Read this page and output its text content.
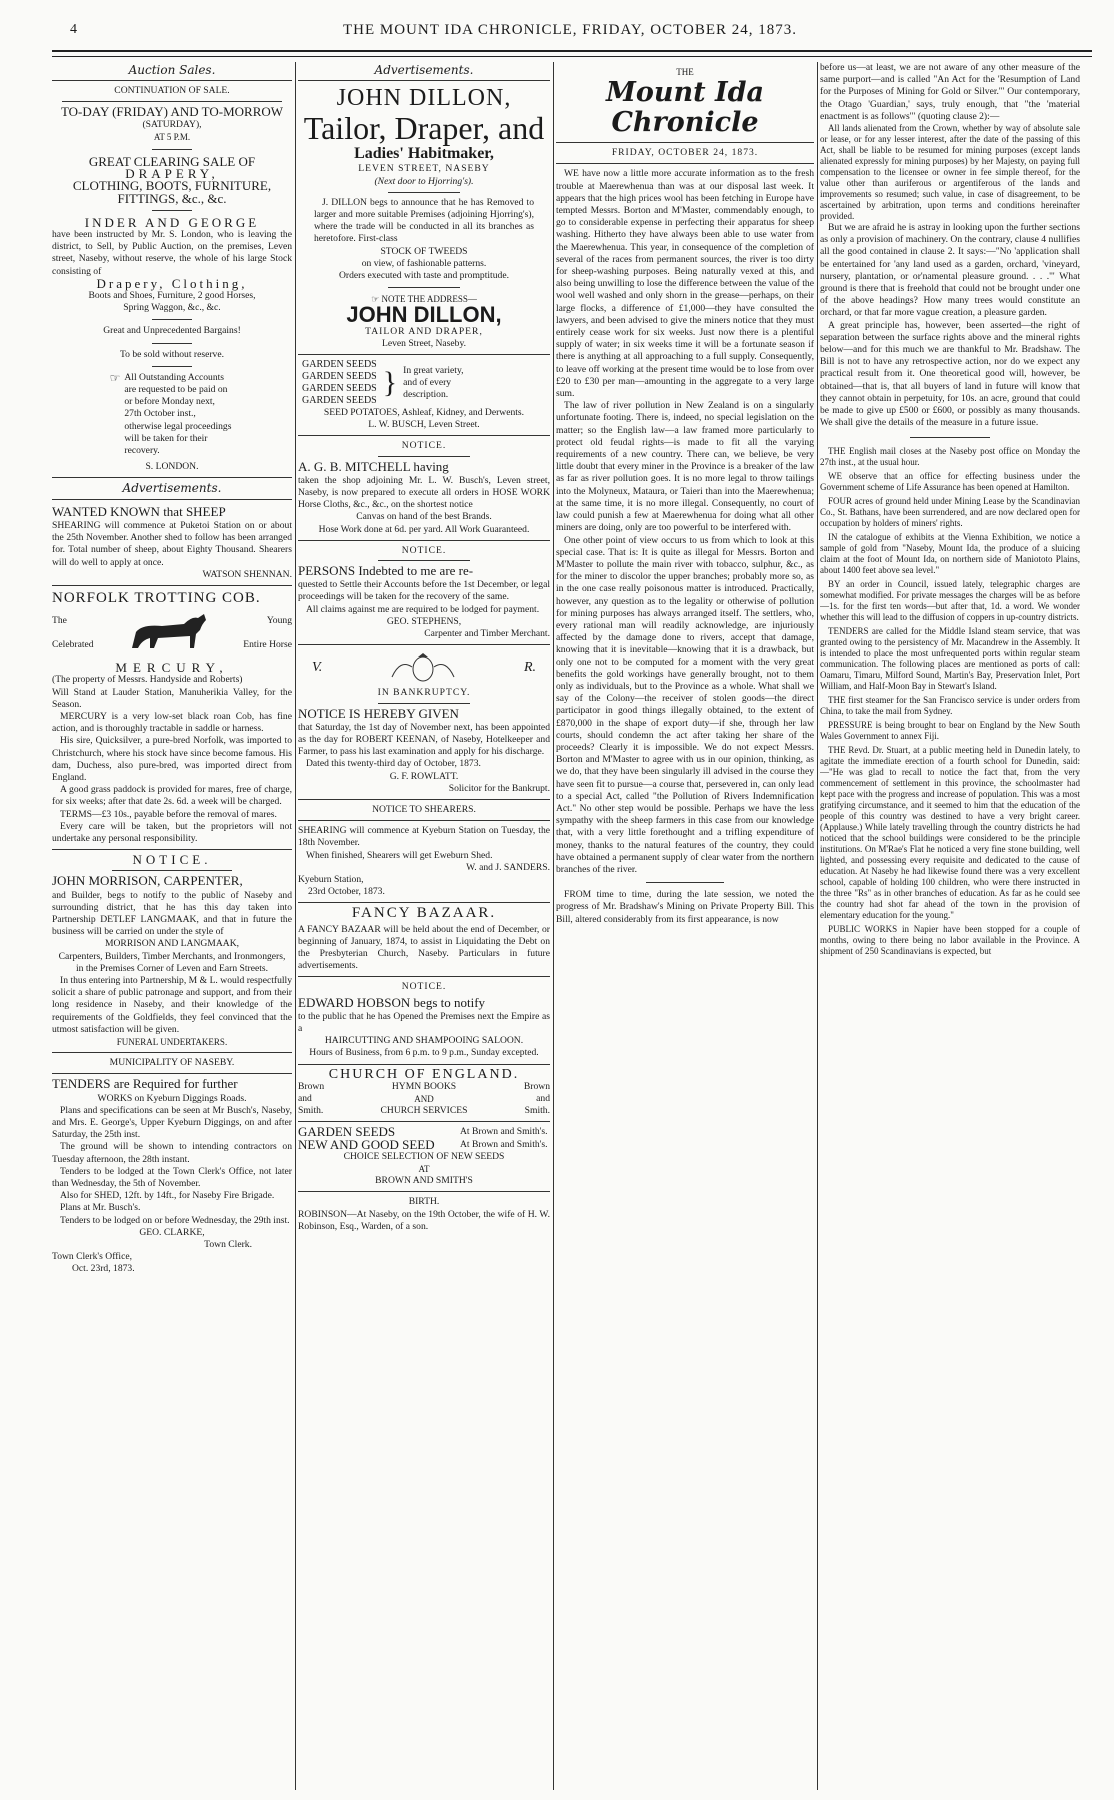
4	THE MOUNT IDA CHRONICLE, FRIDAY, OCTOBER 24, 1873.
Auction Sales.
CONTINUATION OF SALE.
TO-DAY (FRIDAY) AND TO-MORROW
(SATURDAY),
AT 5 P.M.
GREAT CLEARING SALE OF
DRAPERY,
CLOTHING, BOOTS, FURNITURE,
FITTINGS, &c., &c.
INDER AND GEORGE

have been instructed by Mr. S. London, who is leaving the district, to Sell, by Public Auction, on the premises, Leven street, Naseby, without reserve, the whole of his large Stock consisting of

Drapery, Clothing,
Boots and Shoes, Furniture, 2 good Horses,
Spring Waggon, &c., &c.
Great and Unprecedented Bargains!
To be sold without reserve.
☞ All Outstanding Accounts are requested to be paid on or before Monday next, 27th October inst., otherwise legal proceedings will be taken for their recovery.

S. LONDON.
Advertisements.
WANTED KNOWN that SHEEP

SHEARING will commence at Puketoi Station on or about the 25th November. Another shed to follow has been arranged for. Total number of sheep, about Eighty Thousand. Shearers will do well to apply at once.

WATSON SHENNAN.
NORFOLK TROTTING COB.
The
Celebrated
Young
Entire Horse
MERCURY,

(The property of Messrs. Handyside and Roberts)

Will Stand at Lauder Station, Manuherikia Valley, for the Season.

MERCURY is a very low-set black roan Cob, has fine action, and is thoroughly tractable in saddle or harness.

His sire, Quicksilver, a pure-bred Norfolk, was imported to Christchurch, where his stock have since become famous. His dam, Duchess, also pure-bred, was imported direct from England.

A good grass paddock is provided for mares, free of charge, for six weeks; after that date 2s. 6d. a week will be charged.

TERMS—£3 10s., payable before the removal of mares.

Every care will be taken, but the proprietors will not undertake any personal responsibility.

NOTICE.
JOHN MORRISON, CARPENTER,

and Builder, begs to notify to the public of Naseby and surrounding district, that he has this day taken into Partnership DETLEF LANGMAAK, and that in future the business will be carried on under the style of

MORRISON AND LANGMAAK,
Carpenters, Builders, Timber Merchants, and Ironmongers,
in the Premises Corner of Leven and Earn Streets.

In thus entering into Partnership, M & L. would respectfully solicit a share of public patronage and support, and from their long residence in Naseby, and their knowledge of the requirements of the Goldfields, they feel convinced that the utmost satisfaction will be given.

FUNERAL UNDERTAKERS.
MUNICIPALITY OF NASEBY.
TENDERS are Required for further
WORKS on Kyeburn Diggings Roads.

Plans and specifications can be seen at Mr Busch's, Naseby, and Mrs. E. George's, Upper Kyeburn Diggings, on and after Saturday, the 25th inst.

The ground will be shown to intending contractors on Tuesday afternoon, the 28th instant.

Tenders to be lodged at the Town Clerk's Office, not later than Wednesday, the 5th of November.

Also for SHED, 12ft. by 14ft., for Naseby Fire Brigade.

Plans at Mr. Busch's.

Tenders to be lodged on or before Wednesday, the 29th inst.

GEO. CLARKE,
Town Clerk.
Town Clerk's Office,
Oct. 23rd, 1873.
Advertisements.
JOHN DILLON,
Tailor, Draper, and
Ladies' Habitmaker,
LEVEN STREET, NASEBY
(Next door to Hjorring's).

J. DILLON begs to announce that he has Removed to larger and more suitable Premises (adjoining Hjorring's), where the trade will be conducted in all its branches as heretofore. First-class

STOCK OF TWEEDS
on view, of fashionable patterns.
Orders executed with taste and promptitude.
☞ NOTE THE ADDRESS—
JOHN DILLON,
TAILOR AND DRAPER,
Leven Street, Naseby.
GARDEN SEEDS
GARDEN SEEDS
GARDEN SEEDS
GARDEN SEEDS
} In great variety, and of every description.

SEED POTATOES, Ashleaf, Kidney, and Derwents.

L. W. BUSCH, Leven Street.
NOTICE.
A. G. B. MITCHELL having

taken the shop adjoining Mr. L. W. Busch's, Leven street, Naseby, is now prepared to execute all orders in HOSE WORK Horse Cloths, &c., &c., on the shortest notice

Canvas on hand of the best Brands.

Hose Work done at 6d. per yard. All Work Guaranteed.

NOTICE.
PERSONS Indebted to me are re-

quested to Settle their Accounts before the 1st December, or legal proceedings will be taken for the recovery of the same.

All claims against me are required to be lodged for payment.

GEO. STEPHENS,
Carpenter and Timber Merchant.
V.	R.
IN BANKRUPTCY.
NOTICE IS HEREBY GIVEN

that Saturday, the 1st day of November next, has been appointed as the day for ROBERT KEENAN, of Naseby, Hotelkeeper and Farmer, to pass his last examination and apply for his discharge.

Dated this twenty-third day of October, 1873.

G. F. ROWLATT.
Solicitor for the Bankrupt.
NOTICE TO SHEARERS.

SHEARING will commence at Kyeburn Station on Tuesday, the 18th November.

When finished, Shearers will get Eweburn Shed.

W. and J. SANDERS.
Kyeburn Station,
23rd October, 1873.
FANCY BAZAAR.

A FANCY BAZAAR will be held about the end of December, or beginning of January, 1874, to assist in Liquidating the Debt on the Presbyterian Church, Naseby. Particulars in future advertisements.

NOTICE.
EDWARD HOBSON begs to notify

to the public that he has Opened the Premises next the Empire as a

HAIRCUTTING AND SHAMPOOING SALOON.

Hours of Business, from 6 p.m. to 9 p.m., Sunday excepted.

CHURCH OF ENGLAND.
Brown and Smith.
HYMN BOOKS
AND
CHURCH SERVICES
Brown and Smith.
GARDEN SEEDS	At Brown and Smith's.
NEW AND GOOD SEED	At Brown and Smith's.
CHOICE SELECTION OF NEW SEEDS
AT
BROWN AND SMITH'S
BIRTH.

ROBINSON—At Naseby, on the 19th October, the wife of H. W. Robinson, Esq., Warden, of a son.

THE
Mount Ida Chronicle
FRIDAY, OCTOBER 24, 1873.

WE have now a little more accurate information as to the fresh trouble at Maerewhenua than was at our disposal last week. It appears that the high prices wool has been fetching in Europe have tempted Messrs. Borton and M'Master, commendably enough, to go to considerable expense in perfecting their apparatus for sheep washing. Hitherto they have always been able to use water from the Maerewhenua. This year, in consequence of the completion of several of the races from permanent sources, the river is too dirty for sheep-washing purposes. Being naturally vexed at this, and also being unwilling to lose the difference between the value of the wool well washed and only shorn in the grease—perhaps, on their large flocks, a difference of £1,000—they have consulted the lawyers, and been advised to give the miners notice that they must entirely cease work for six weeks. Just now there is a plentiful supply of water; in six weeks time it will be a fortunate season if there is anything at all approaching to a full supply. Consequently, to leave off working at the present time would be to lose from over £20 to £30 per man—amounting in the aggregate to a very large sum.

The law of river pollution in New Zealand is on a singularly unfortunate footing. There is, indeed, no special legislation on the matter; so the English law—a law framed more particularly to protect old feudal rights—is made to fit all the varying requirements of a new country. There can, we believe, be very little doubt that every miner in the Province is a breaker of the law as far as river pollution goes. It is no more legal to throw tailings into the Molyneux, Mataura, or Taieri than into the Maerewhenua; at the same time, it is no more illegal. Consequently, no court of law could punish a few at Maerewhenua for doing what all other miners are doing, only are too powerful to be interfered with.

One other point of view occurs to us from which to look at this special case. That is: It is quite as illegal for Messrs. Borton and M'Master to pollute the main river with tobacco, sulphur, &c., as for the miner to discolor the upper branches; probably more so, as in the one case really poisonous matter is introduced. Practically, however, any question as to the legality or otherwise of pollution for mining purposes has always arranged itself. The settlers, who, every rational man will readily acknowledge, are injuriously affected by the damage done to rivers, accept that damage, knowing that it is inevitable—knowing that it is a drawback, but only one not to be computed for a moment with the very great benefits the gold workings have generally brought, not to them only as individuals, but to the Province as a whole. What shall we say of the Colony—the receiver of stolen goods—the direct participator in good things illegally obtained, to the extent of £870,000 in the shape of export duty—if she, through her law courts, should condemn the act after taking her share of the proceeds? Clearly it is impossible. We do not expect Messrs. Borton and M'Master to agree with us in our opinion, thinking, as we do, that they have been singularly ill advised in the course they have seen fit to pursue—a course that, persevered in, can only lead to a special Act, called "the Pollution of Rivers Indemnification Act." No other step would be possible. Perhaps we have the less sympathy with the sheep farmers in this case from our knowledge that, with a very little forethought and a trifling expenditure of money, thanks to the natural features of the country, they could have obtained a permanent supply of clear water from the northern branches of the river.

FROM time to time, during the late session, we noted the progress of Mr. Bradshaw's Mining on Private Property Bill. This Bill, altered considerably from its first appearance, is now

before us—at least, we are not aware of any other measure of the same purport—and is called "An Act for the 'Resumption of Land for the Purposes of Mining for Gold or Silver.'" Our contemporary, the Otago 'Guardian,' says, truly enough, that "the 'material enactment is as follows'" (quoting clause 2):—

All lands alienated from the Crown, whether by way of absolute sale or lease, or for any lesser interest, after the date of the passing of this Act, shall be liable to be resumed for mining purposes (except lands alienated expressly for mining purposes) by her Majesty, on paying full compensation to the licensee or owner in fee simple thereof, for the value other than auriferous or argentiferous of the lands and improvements so resumed; such value, in case of disagreement, to be ascertained by arbitration, upon terms and conditions hereinafter provided.

But we are afraid he is astray in looking upon the further sections as only a provision of machinery. On the contrary, clause 4 nullifies all the good contained in clause 2. It says:—"No 'application shall be entertained for 'any land used as a garden, orchard, 'vineyard, nursery, plantation, or or'namental pleasure ground. . . .'" What ground is there that is freehold that could not be brought under one of the above headings? How many trees would constitute an orchard, or that far more vague creation, a pleasure garden.

A great principle has, however, been asserted—the right of separation between the surface rights above and the mineral rights below—and for this much we are thankful to Mr. Bradshaw. The Bill is not to have any retrospective action, nor do we expect any practical result from it. One theoretical good will, however, be obtained—that is, that all buyers of land in future will know that they cannot obtain in perpetuity, for 10s. an acre, ground that could be made to give up £500 or £600, or possibly as many thousands. We shall give the details of the measure in a future issue.

THE English mail closes at the Naseby post office on Monday the 27th inst., at the usual hour.

WE observe that an office for effecting business under the Government scheme of Life Assurance has been opened at Hamilton.

FOUR acres of ground held under Mining Lease by the Scandinavian Co., St. Bathans, have been surrendered, and are now declared open for occupation by holders of miners' rights.

IN the catalogue of exhibits at the Vienna Exhibition, we notice a sample of gold from "Naseby, Mount Ida, the produce of a sluicing claim at the foot of Mount Ida, on northern side of Maniototo Plains, about 1400 feet above sea level."

BY an order in Council, issued lately, telegraphic charges are somewhat modified. For private messages the charges will be as before—1s. for the first ten words—but after that, 1d. a word. We wonder whether this will lead to the diffusion of coppers in up-country districts.

TENDERS are called for the Middle Island steam service, that was granted owing to the persistency of Mr. Macandrew in the Assembly. It is intended to place the most unfrequented ports within regular steam communication. The following places are mentioned as ports of call: Oamaru, Timaru, Milford Sound, Martin's Bay, Preservation Inlet, Port William, and Half-Moon Bay in Stewart's Island.

THE first steamer for the San Francisco service is under orders from China, to take the mail from Sydney.

PRESSURE is being brought to bear on England by the New South Wales Government to annex Fiji.

THE Revd. Dr. Stuart, at a public meeting held in Dunedin lately, to agitate the immediate erection of a fourth school for Dunedin, said:—"He was glad to recall to notice the fact that, from the very commencement of settlement in this province, the schoolmaster had kept pace with the progress and increase of population. This was a most gratifying circumstance, and it seemed to him that the education of the people of this country was destined to have a very bright career. (Applause.) While lately travelling through the country districts he had noticed that the school buildings were considered to be the principle institutions. On M'Rae's Flat he noticed a very fine stone building, well lighted, and possessing every requisite and dedicated to the cause of education. At Naseby he had likewise found there was a very excellent school, capable of holding 100 children, who were there instructed in the three "Rs" as in other branches of education. As far as he could see the country had shot far ahead of the town in the provision of elementary education for the young."

PUBLIC WORKS in Napier have been stopped for a couple of months, owing to there being no labor available in the Province. A shipment of 250 Scandinavians is expected, but
